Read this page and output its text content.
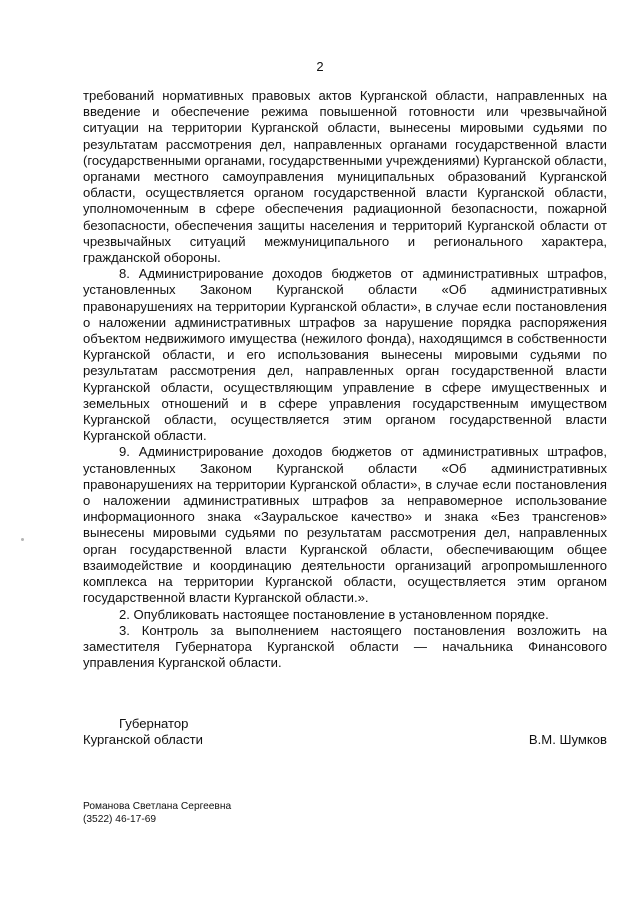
2

требований нормативных правовых актов Курганской области, направленных на введение и обеспечение режима повышенной готовности или чрезвычайной ситуации на территории Курганской области, вынесены мировыми судьями по результатам рассмотрения дел, направленных органами государственной власти (государственными органами, государственными учреждениями) Курганской области, органами местного самоуправления муниципальных образований Курганской области, осуществляется органом государственной власти Курганской области, уполномоченным в сфере обеспечения радиационной безопасности, пожарной безопасности, обеспечения защиты населения и территорий Курганской области от чрезвычайных ситуаций межмуниципального и регионального характера, гражданской обороны.

8. Администрирование доходов бюджетов от административных штрафов, установленных Законом Курганской области «Об административных правонарушениях на территории Курганской области», в случае если постановления о наложении административных штрафов за нарушение порядка распоряжения объектом недвижимого имущества (нежилого фонда), находящимся в собственности Курганской области, и его использования вынесены мировыми судьями по результатам рассмотрения дел, направленных орган государственной власти Курганской области, осуществляющим управление в сфере имущественных и земельных отношений и в сфере управления государственным имуществом Курганской области, осуществляется этим органом государственной власти Курганской области.

9. Администрирование доходов бюджетов от административных штрафов, установленных Законом Курганской области «Об административных правонарушениях на территории Курганской области», в случае если постановления о наложении административных штрафов за неправомерное использование информационного знака «Зауральское качество» и знака «Без трансгенов» вынесены мировыми судьями по результатам рассмотрения дел, направленных орган государственной власти Курганской области, обеспечивающим общее взаимодействие и координацию деятельности организаций агропромышленного комплекса на территории Курганской области, осуществляется этим органом государственной власти Курганской области.».

2. Опубликовать настоящее постановление в установленном порядке.

3. Контроль за выполнением настоящего постановления возложить на заместителя Губернатора Курганской области — начальника Финансового управления Курганской области.

Губернатор
Курганской области	В.М. Шумков
Романова Светлана Сергеевна
(3522) 46-17-69
